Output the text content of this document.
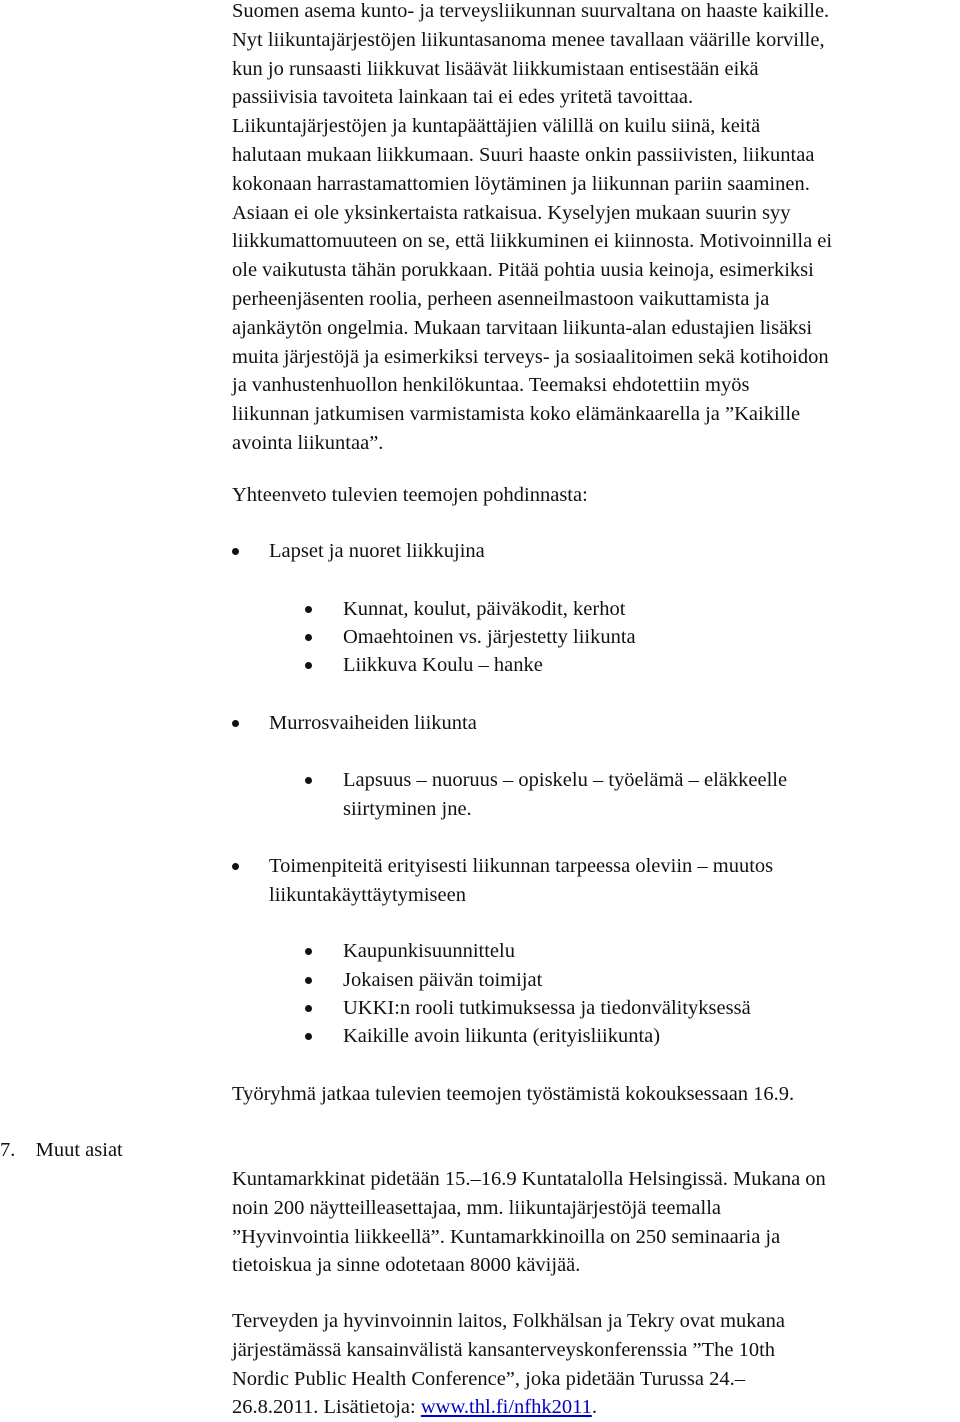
Suomen asema kunto- ja terveysliikunnan suurvaltana on haaste kaikille.
Nyt liikuntajärjestöjen liikuntasanoma menee tavallaan väärille korville,
kun jo runsaasti liikkuvat lisäävät liikkumistaan entisestään eikä
passiivisia tavoiteta lainkaan tai ei edes yritetä tavoittaa.
Liikuntajärjestöjen ja kuntapäättäjien välillä on kuilu siinä, keitä
halutaan mukaan liikkumaan. Suuri haaste onkin passiivisten, liikuntaa
kokonaan harrastamattomien löytäminen ja liikunnan pariin saaminen.
Asiaan ei ole yksinkertaista ratkaisua. Kyselyjen mukaan suurin syy
liikkumattomuuteen on se, että liikkuminen ei kiinnosta. Motivoinnilla ei
ole vaikutusta tähän porukkaan. Pitää pohtia uusia keinoja, esimerkiksi
perheenjäsenten roolia, perheen asenneilmastoon vaikuttamista ja
ajankäytön ongelmia. Mukaan tarvitaan liikunta-alan edustajien lisäksi
muita järjestöjä ja esimerkiksi terveys- ja sosiaalitoimen sekä kotihoidon
ja vanhustenhuollon henkilökuntaa. Teemaksi ehdotettiin myös
liikunnan jatkumisen varmistamista koko elämänkaarella ja ”Kaikille
avointa liikuntaa”.
Yhteenveto tulevien teemojen pohdinnasta:
Lapset ja nuoret liikkujina
Kunnat, koulut, päiväkodit, kerhot
Omaehtoinen vs. järjestetty liikunta
Liikkuva Koulu – hanke
Murrosvaiheiden liikunta
Lapsuus – nuoruus – opiskelu – työelämä – eläkkeelle
siirtyminen jne.
Toimenpiteitä erityisesti liikunnan tarpeessa oleviin – muutos
liikuntakäyttäytymiseen
Kaupunkisuunnittelu
Jokaisen päivän toimijat
UKKI:n rooli tutkimuksessa ja tiedonvälityksessä
Kaikille avoin liikunta (erityisliikunta)
Työryhmä jatkaa tulevien teemojen työstämistä kokouksessaan 16.9.
7. Muut asiat
Kuntamarkkinat pidetään 15.–16.9 Kuntatalolla Helsingissä. Mukana on
noin 200 näytteilleasettajaa, mm. liikuntajärjestöjä teemalla
”Hyvinvointia liikkeellä”. Kuntamarkkinoilla on 250 seminaaria ja
tietoiskua ja sinne odotetaan 8000 kävijää.
Terveyden ja hyvinvoinnin laitos, Folkhälsan ja Tekry ovat mukana
järjestämässä kansainvälistä kansanterveyskonferenssia ”The 10th
Nordic Public Health Conference”, joka pidetään Turussa 24.–
26.8.2011. Lisätietoja: www.thl.fi/nfhk2011.
